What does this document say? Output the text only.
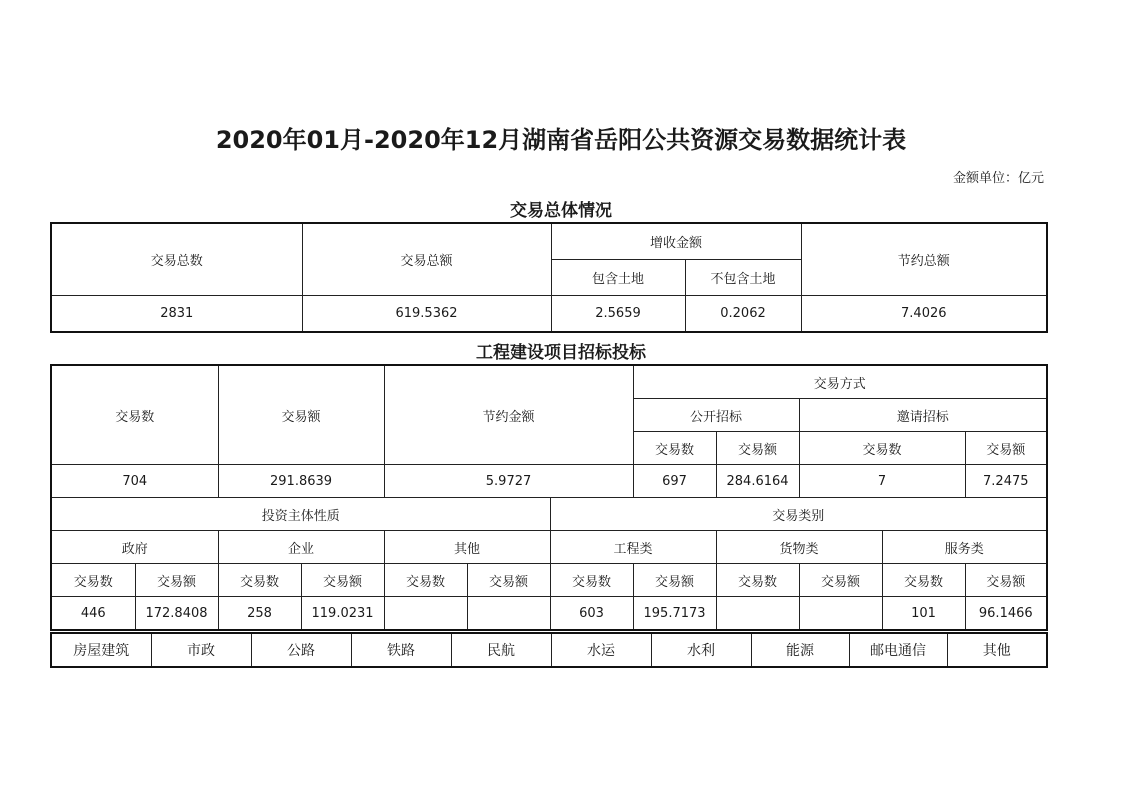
2020年01月-2020年12月湖南省岳阳公共资源交易数据统计表
金额单位：亿元
交易总体情况
交易总数	交易总额	增收金额		节约总额
		包含土地	不包含土地	
2831	619.5362	2.5659	0.2062	7.4026
工程建设项目招标投标
交易数		交易额		节约金额			交易方式				
							公开招标		邀请招标		
							交易数	交易额	交易数		交易额
704		291.8639		5.9727			697	284.6164	7		7.2475
投资主体性质						交易类别					
政府		企业		其他		工程类		货物类		服务类	
交易数	交易额	交易数	交易额	交易数	交易额	交易数	交易额	交易数	交易额	交易数	交易额
446	172.8408	258	119.0231			603	195.7173			101	96.1466
房屋建筑	市政	公路	铁路	民航	水运	水利	能源	邮电通信	其他
